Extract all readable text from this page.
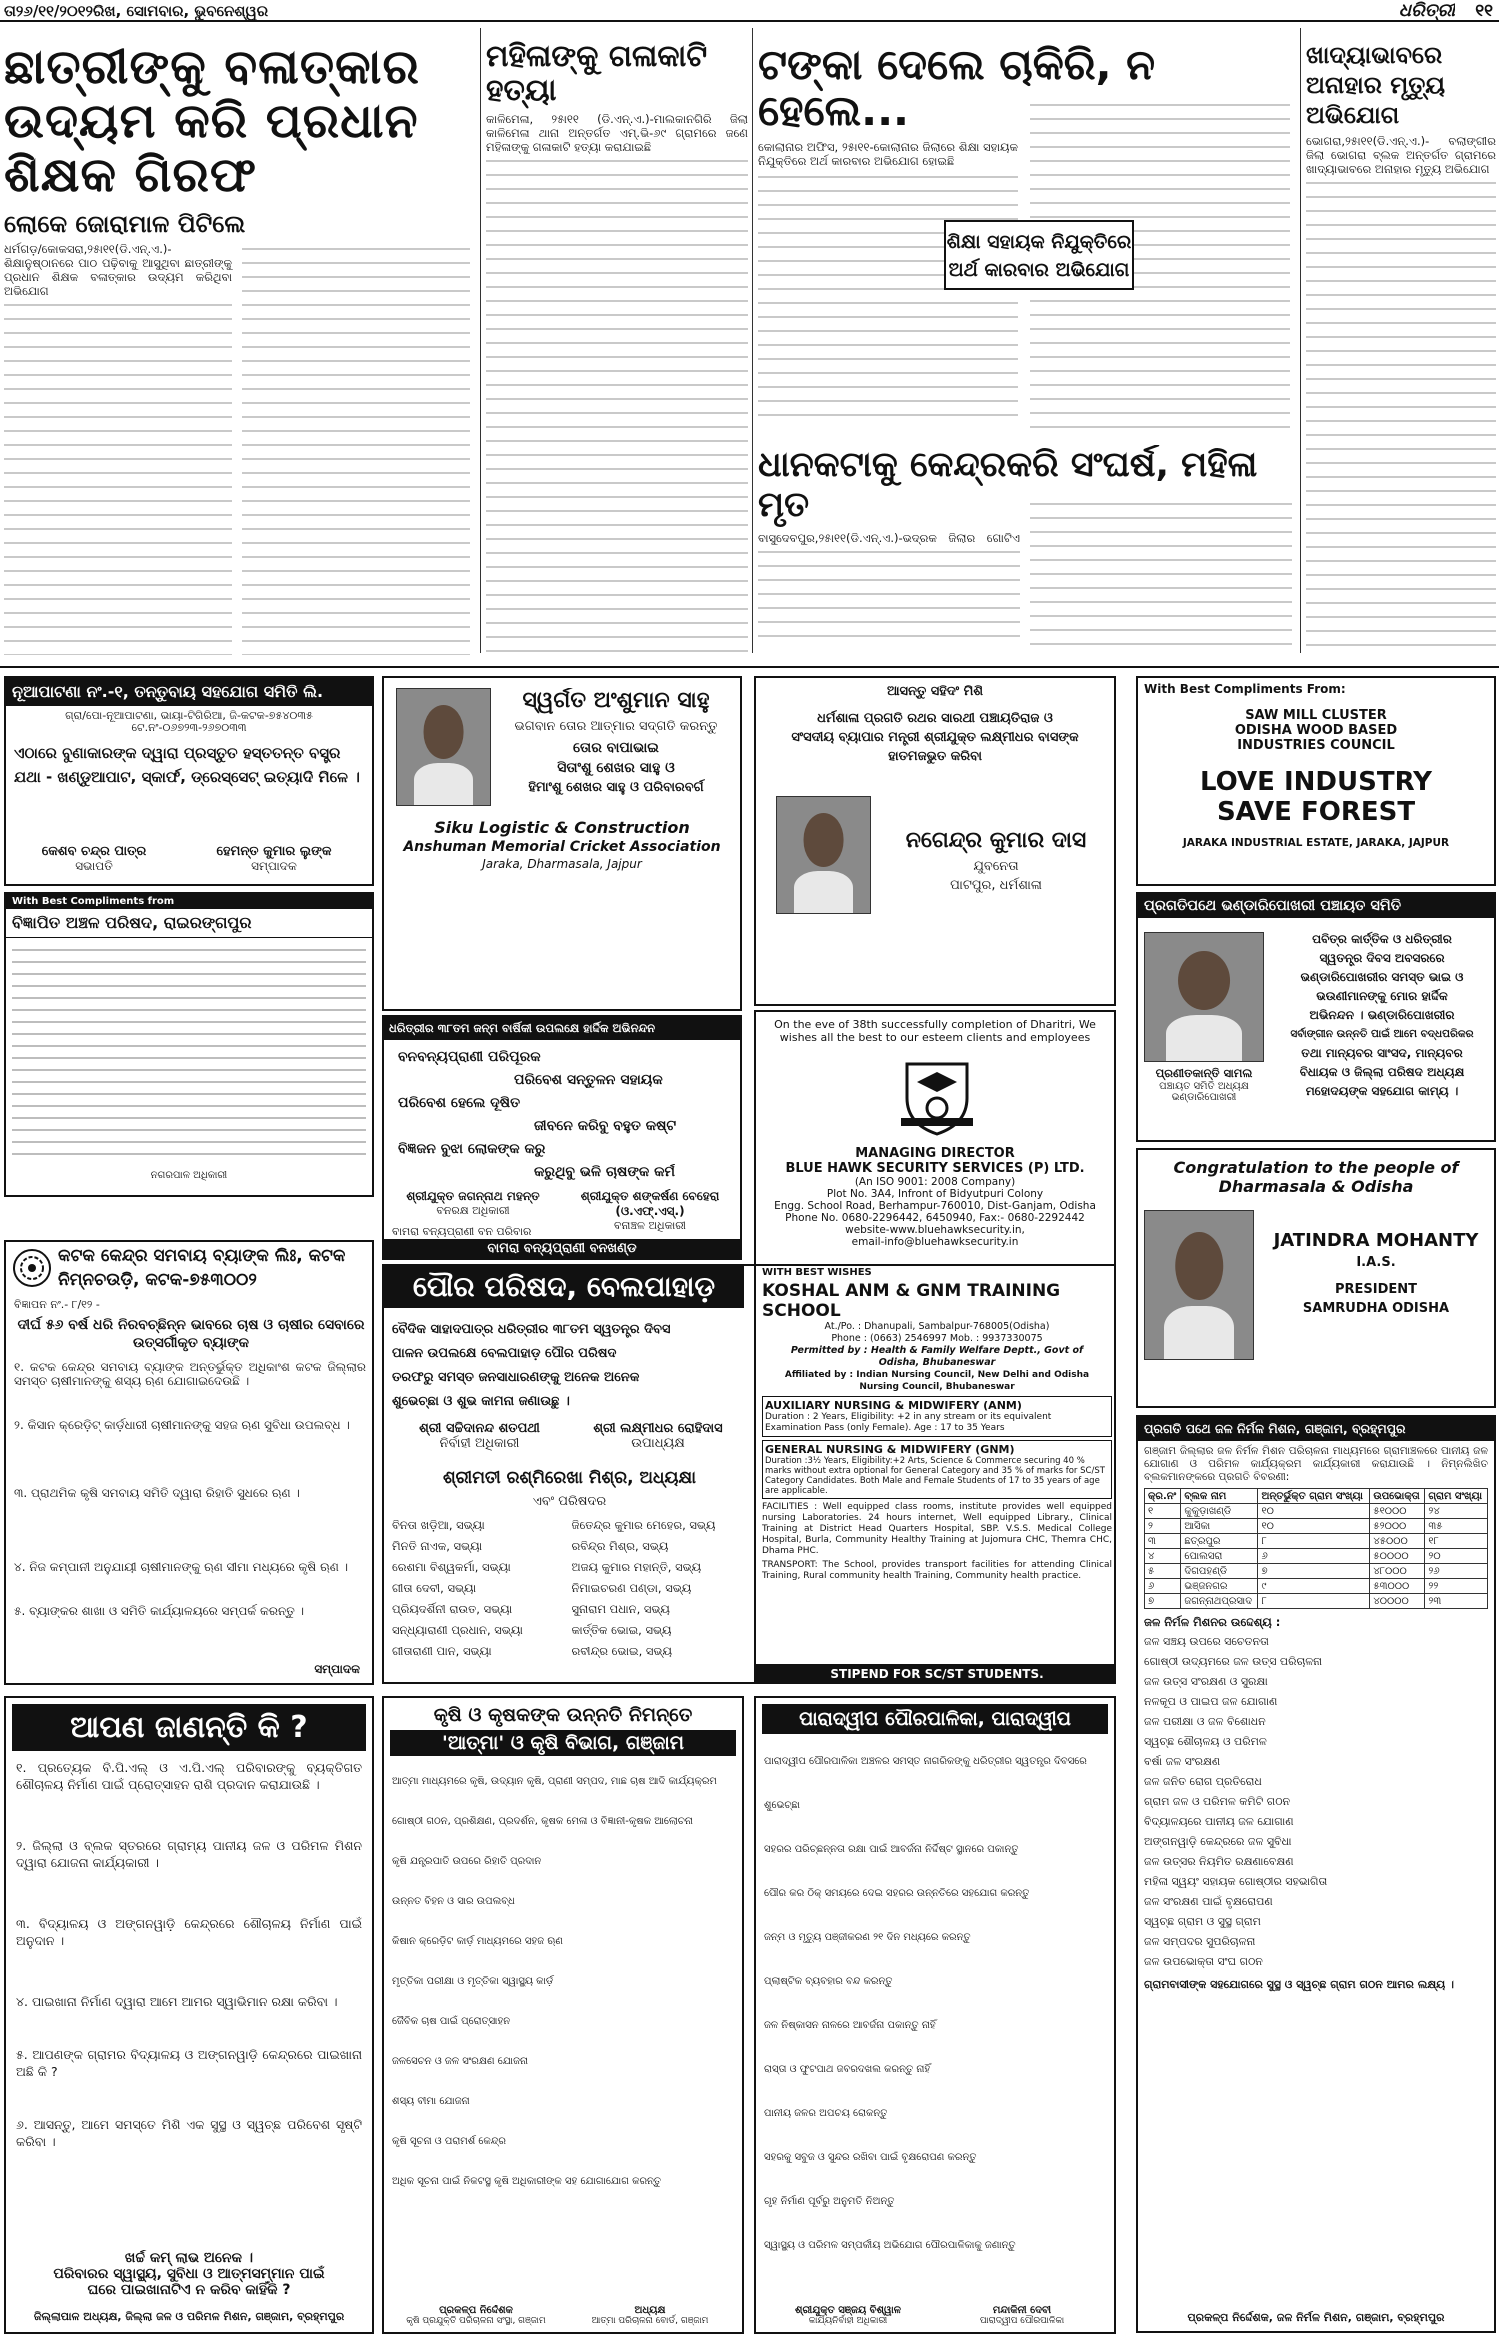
ତା୨୬/୧୧/୨୦୧୨ରିଖ, ସୋମବାର, ଭୁବନେଶ୍ୱର	ଧରିତ୍ରୀ ୧୧
ଛାତ୍ରୀଙ୍କୁ ବଳାତ୍କାର ଉଦ୍ୟମ କରି ପ୍ରଧାନ ଶିକ୍ଷକ ଗିରଫ
ଲୋକେ ଜୋରାମାଳ ପିଟିଲେ
ଧର୍ମଗଡ଼/କୋକସରା,୨୫ା୧୧(ଡି.ଏନ୍.ଏ.)- ଶିକ୍ଷାନୁଷ୍ଠାନରେ ପାଠ ପଢ଼ିବାକୁ ଆସୁଥିବା ଛାତ୍ରୀଙ୍କୁ ପ୍ରଧାନ ଶିକ୍ଷକ ବଳାତ୍କାର ଉଦ୍ୟମ କରିଥିବା ଅଭିଯୋଗ
ମହିଳାଙ୍କୁ ଗଳାକାଟି ହତ୍ୟା
କାଳିମେଳା, ୨୫ା୧୧ (ଡି.ଏନ୍.ଏ.)-ମାଲକାନଗିରି ଜିଲା କାଳିମେଳା ଥାନା ଅନ୍ତର୍ଗତ ଏମ୍.ଭି-୬୯ ଗ୍ରାମରେ ଜଣେ ମହିଳାଙ୍କୁ ଗଳାକାଟି ହତ୍ୟା କରାଯାଇଛି
ଟଙ୍କା ଦେଲେ ଚାକିରି, ନ ହେଲେ...
କୋଲାନାର ଅଫିସ, ୨୫ା୧୧-କୋଲାନାର ଜିଲାରେ ଶିକ୍ଷା ସହାୟକ ନିଯୁକ୍ତିରେ ଅର୍ଥ କାରବାର ଅଭିଯୋଗ ହୋଇଛି
ଶିକ୍ଷା ସହାୟକ ନିଯୁକ୍ତିରେ ଅର୍ଥ କାରବାର ଅଭିଯୋଗ
ଧାନକଟାକୁ କେନ୍ଦ୍ରକରି ସଂଘର୍ଷ, ମହିଳା ମୃତ
ବାସୁଦେବପୁର,୨୫ା୧୧(ଡି.ଏନ୍.ଏ.)-ଭଦ୍ରକ ଜିଲାର ଗୋଟିଏ
ଖାଦ୍ୟାଭାବରେ ଅନାହାର ମୃତ୍ୟୁ ଅଭିଯୋଗ
ଭୋଗରା,୨୫ା୧୧(ଡି.ଏନ୍.ଏ.)- ବଲାଙ୍ଗୀର ଜିଲା ଭୋଗରା ବ୍ଲକ ଅନ୍ତର୍ଗତ ଗ୍ରାମରେ ଖାଦ୍ୟାଭାବରେ ଅନାହାର ମୃତ୍ୟୁ ଅଭିଯୋଗ
ନୂଆପାଟଣା ନଂ.-୧, ତନ୍ତୁବାୟ ସହଯୋଗ ସମିତି ଲି.
ଗ୍ରା/ପୋ-ନୂଆପାଟଣା, ଭାୟା-ଟିଗିରିଆ, ଜି-କଟକ-୭୫୪୦୩୫
ଟେ.ନଂ-୦୬୭୨୩-୨୬୭୦୩୩
ଏଠାରେ ବୁଣାକାରଙ୍କ ଦ୍ୱାରା ପ୍ରସ୍ତୁତ ହସ୍ତତନ୍ତ ବସ୍ତ୍ର
ଯଥା - ଖଣ୍ଡୁଆପାଟ, ସ୍କାର୍ଫ, ଡ୍ରେସ୍‌ସେଟ୍ ଇତ୍ୟାଦି ମିଳେ ।
କେଶବ ଚନ୍ଦ୍ର ପାତ୍ର
ସଭାପତି
ହେମନ୍ତ କୁମାର ଲୁଙ୍କ
ସମ୍ପାଦକ
With Best Compliments from
ବିଜ୍ଞାପିତ ଅଞ୍ଚଳ ପରିଷଦ, ରାଇରଙ୍ଗପୁର
ନଗରପାଳ ଅଧିକାରୀ
ସ୍ୱର୍ଗତ ଅଂଶୁମାନ ସାହୁ
ଭଗବାନ ତୋର ଆତ୍ମାର ସଦ୍‌ଗତି କରନ୍ତୁ
ତୋର ବାପାଭାଇ
ସିତାଂଶୁ ଶେଖର ସାହୁ ଓ
ହିମାଂଶୁ ଶେଖର ସାହୁ ଓ ପରିବାରବର୍ଗ
Siku Logistic & Construction
Anshuman Memorial Cricket Association
Jaraka, Dharmasala, Jajpur
ଧରିତ୍ରୀର ୩୮ତମ ଜନ୍ମ ବାର୍ଷିକୀ ଉପଲକ୍ଷେ ହାର୍ଦ୍ଦିକ ଅଭିନନ୍ଦନ
ବନବନ୍ୟପ୍ରାଣୀ ପରିପୂରକ
ପରିବେଶ ସନ୍ତୁଳନ ସହାୟକ
ପରିବେଶ ହେଲେ ଦୂଷିତ
ଜୀବନେ କରିବୁ ବହୁତ କଷ୍ଟ
ବିଜ୍ଞଜନ ବୁଝା ଲୋକଙ୍କ କରୁ
କରୁଥିବୁ ଭଳି ଚାଷଙ୍କ କର୍ମ
ଶ୍ରୀଯୁକ୍ତ ଜଗନ୍ନାଥ ମହନ୍ତ
ବନରକ୍ଷ ଅଧିକାରୀ
ଶ୍ରୀଯୁକ୍ତ ଶଙ୍କର୍ଷଣ ବେହେରା (ଓ.ଏଫ୍.ଏସ୍.)
ବନାଞ୍ଚଳ ଅଧିକାରୀ
ବାମରା ବନ୍ୟପ୍ରାଣୀ ବନ ପରିବାର
ବାମରା ବନ୍ୟପ୍ରାଣୀ ବନଖଣ୍ଡ
ଆସନ୍ତୁ ସହିଦଂ ମିଶି
ଧର୍ମଶାଳା ପ୍ରଗତି ରଥର ସାରଥୀ ପଞ୍ଚାୟତିରାଜ ଓ
ସଂସଦୀୟ ବ୍ୟାପାର ମନ୍ତ୍ରୀ ଶ୍ରୀଯୁକ୍ତ ଲକ୍ଷ୍ମୀଧର ବାସଙ୍କ
ହାତମଜଭୁତ କରିବା
ନଗେନ୍ଦ୍ର କୁମାର ଦାସ
ଯୁବନେତା
ପାଟପୁର, ଧର୍ମଶାଳା
On the eve of 38th successfully completion of Dharitri, We wishes all the best to our esteem clients and employees
MANAGING DIRECTOR
BLUE HAWK SECURITY SERVICES (P) LTD.
(An ISO 9001: 2008 Company)
Plot No. 3A4, Infront of Bidyutpuri Colony
Engg. School Road, Berhampur-760010, Dist-Ganjam, Odisha
Phone No. 0680-2296442, 6450940, Fax:- 0680-2292442
website-www.bluehawksecurity.in,
email-info@bluehawksecurity.in
With Best Compliments From:
SAW MILL CLUSTER
ODISHA WOOD BASED
INDUSTRIES COUNCIL
LOVE INDUSTRY
SAVE FOREST
JARAKA INDUSTRIAL ESTATE, JARAKA, JAJPUR
ପ୍ରଗତିପଥେ ଭଣ୍ଡାରିପୋଖରୀ ପଞ୍ଚାୟତ ସମିତି
ପବିତ୍ର କାର୍ତ୍ତିକ ଓ ଧରିତ୍ରୀର
ସ୍ୱତନ୍ତ୍ର ଦିବସ ଅବସରରେ
ଭଣ୍ଡାରିପୋଖରୀର ସମସ୍ତ ଭାଇ ଓ
ଭଉଣୀମାନଙ୍କୁ ମୋର ହାର୍ଦ୍ଦିକ
ଅଭିନନ୍ଦନ । ଭଣ୍ଡାରିପୋଖରୀର
ସର୍ବାଙ୍ଗୀନ ଉନ୍ନତି ପାଇଁ ଆମେ ବଦ୍ଧପରିକର
ତଥା ମାନ୍ୟବର ସାଂସଦ, ମାନ୍ୟବର
ବିଧାୟକ ଓ ଜିଲ୍ଲା ପରିଷଦ ଅଧ୍ୟକ୍ଷ
ମହୋଦୟଙ୍କ ସହଯୋଗ କାମ୍ୟ ।
ପ୍ରଣୀତକାନ୍ତି ସାମଲ
ପଞ୍ଚାୟତ ସମିତି ଅଧ୍ୟକ୍ଷ
ଭଣ୍ଡାରିପୋଖରୀ
କଟକ କେନ୍ଦ୍ର ସମବାୟ ବ୍ୟାଙ୍କ ଲିଃ, କଟକ
ନିମ୍ନଚଉଡ଼ି, କଟକ-୭୫୩୦୦୨
ବିଜ୍ଞାପନ ନଂ.- ୮/୧୨ -
ଦୀର୍ଘ ୫୬ ବର୍ଷ ଧରି ନିରବଚ୍ଛିନ୍ନ ଭାବରେ ଚାଷ ଓ ଚାଷୀର ସେବାରେ ଉତ୍ସର୍ଗୀକୃତ ବ୍ୟାଙ୍କ
୧. କଟକ କେନ୍ଦ୍ର ସମବାୟ ବ୍ୟାଙ୍କ ଅନ୍ତର୍ଭୁକ୍ତ ଅଧିକାଂଶ କଟକ ଜିଲ୍ଲାର ସମସ୍ତ ଚାଷୀମାନଙ୍କୁ ଶସ୍ୟ ଋଣ ଯୋଗାଇଦେଉଛି ।
୨. କିସାନ କ୍ରେଡ଼ିଟ୍ କାର୍ଡ଼ଧାରୀ ଚାଷୀମାନଙ୍କୁ ସହଜ ଋଣ ସୁବିଧା ଉପଲବ୍ଧ ।
୩. ପ୍ରାଥମିକ କୃଷି ସମବାୟ ସମିତି ଦ୍ୱାରା ରିହାତି ସୁଧରେ ଋଣ ।
୪. ନିଜ କମ୍ପାନୀ ଅନୁଯାୟୀ ଚାଷୀମାନଙ୍କୁ ଋଣ ସୀମା ମଧ୍ୟରେ କୃଷି ଋଣ ।
୫. ବ୍ୟାଙ୍କର ଶାଖା ଓ ସମିତି କାର୍ଯ୍ୟାଳୟରେ ସମ୍ପର୍କ କରନ୍ତୁ ।
ସମ୍ପାଦକ
ପୌର ପରିଷଦ, ବେଲପାହାଡ଼
ବୈଦିକ ସାହାଦପାତ୍ର ଧରିତ୍ରୀର ୩୮ତମ ସ୍ୱତନ୍ତ୍ର ଦିବସ
ପାଳନ ଉପଲକ୍ଷେ ବେଲପାହାଡ଼ ପୌର ପରିଷଦ
ତରଫରୁ ସମସ୍ତ ଜନସାଧାରଣଙ୍କୁ ଅନେକ ଅନେକ
ଶୁଭେଚ୍ଛା ଓ ଶୁଭ କାମନା ଜଣାଉଛୁ ।
ଶ୍ରୀ ସଚ୍ଚିଦାନନ୍ଦ ଶତପଥୀ
ନିର୍ବାହୀ ଅଧିକାରୀ
ଶ୍ରୀ ଲକ୍ଷ୍ମୀଧର ରୋହିଦାସ
ଉପାଧ୍ୟକ୍ଷ
ଶ୍ରୀମତୀ ରଶ୍ମିରେଖା ମିଶ୍ର, ଅଧ୍ୟକ୍ଷା
ଏବଂ ପରିଷଦର
ବିନତା ଖଡ଼ିଆ, ସଭ୍ୟା	ଜିତେନ୍ଦ୍ର କୁମାର ମେହେର, ସଭ୍ୟ
ମିନତି ନାଏକ, ସଭ୍ୟା	ରବିନ୍ଦ୍ର ମିଶ୍ର, ସଭ୍ୟ
ରେଶମା ବିଶ୍ୱକର୍ମା, ସଭ୍ୟା	ଅଜୟ କୁମାର ମହାନ୍ତି, ସଭ୍ୟ
ଗୀତା ଦେବୀ, ସଭ୍ୟା	ନିମାଇଚରଣ ପଣ୍ଡା, ସଭ୍ୟ
ପ୍ରିୟଦର୍ଶିନୀ ରାଉତ, ସଭ୍ୟା	ସୁନାରାମ ପଧାନ, ସଭ୍ୟ
ସନ୍ଧ୍ୟାରାଣୀ ପ୍ରଧାନ, ସଭ୍ୟା	କାର୍ତ୍ତିକ ଭୋଇ, ସଭ୍ୟ
ଗୀତାରାଣୀ ପାନ, ସଭ୍ୟା	ରବୀନ୍ଦ୍ର ଭୋଇ, ସଭ୍ୟ
WITH BEST WISHES
KOSHAL ANM & GNM TRAINING SCHOOL
At./Po. : Dhanupali, Sambalpur-768005(Odisha)
Phone : (0663) 2546997 Mob. : 9937330075
Permitted by : Health & Family Welfare Deptt., Govt of
Odisha, Bhubaneswar
Affiliated by : Indian Nursing Council, New Delhi and Odisha
Nursing Council, Bhubaneswar
AUXILIARY NURSING & MIDWIFERY (ANM)
Duration : 2 Years, Eligibility: +2 in any stream or its equivalent Examination Pass (only Female). Age : 17 to 35 Years
GENERAL NURSING & MIDWIFERY (GNM)
Duration :3½ Years, Eligibility:+2 Arts, Science & Commerce securing 40 % marks without extra optional for General Category and 35 % of marks for SC/ST Category Candidates. Both Male and Female Students of 17 to 35 years of age are applicable.
FACILITIES : Well equipped class rooms, institute provides well equipped nursing Laboratories. 24 hours internet, Well equipped Library., Clinical Training at District Head Quarters Hospital, SBP. V.S.S. Medical College Hospital, Burla, Community Healthy Training at Jujomura CHC, Themra CHC, Dhama PHC.
TRANSPORT: The School, provides transport facilities for attending Clinical Training, Rural community health Training, Community health practice.
STIPEND FOR SC/ST STUDENTS.
Congratulation to the people of
Dharmasala & Odisha
JATINDRA MOHANTY
I.A.S.
PRESIDENT
SAMRUDHA ODISHA
ପ୍ରଗତି ପଥେ ଜଳ ନିର୍ମଳ ମିଶନ, ଗଞ୍ଜାମ, ବ୍ରହ୍ମପୁର
ଗଞ୍ଜାମ ଜିଲ୍ଲାର ଜଳ ନିର୍ମଳ ମିଶନ ପରିଚାଳନା ମାଧ୍ୟମରେ ଗ୍ରାମାଞ୍ଚଳରେ ପାନୀୟ ଜଳ ଯୋଗାଣ ଓ ପରିମଳ କାର୍ଯ୍ୟକ୍ରମ କାର୍ଯ୍ୟକାରୀ କରାଯାଉଛି । ନିମ୍ନଲିଖିତ ବ୍ଲକମାନଙ୍କରେ ପ୍ରଗତି ବିବରଣୀ:
କ୍ର.ନଂ	ବ୍ଲକ ନାମ	ଅନ୍ତର୍ଭୁକ୍ତ ଗ୍ରାମ ସଂଖ୍ୟା	ଉପଭୋକ୍ତା	ଗ୍ରାମ ସଂଖ୍ୟା
୧	କୁକୁଡ଼ାଖଣ୍ଡି	୧୦	୫୧୦୦୦	୨୪
୨	ଆସିକା	୧୦	୫୨୦୦୦	୩୫
୩	ଛତ୍ରପୁର	୮	୪୫୦୦୦	୧୮
୪	ପୋଲସରା	୬	୫୦୦୦୦	୨୦
୫	ଦିଗପହଣ୍ଡି	୭	୪୮୦୦୦	୨୬
୬	ଭଞ୍ଜନଗର	୯	୫୩୦୦୦	୨୨
୭	ଜଗନ୍ନାଥପ୍ରସାଦ	୮	୪୦୦୦୦	୨୩
ଜଳ ନିର୍ମଳ ମିଶନର ଉଦ୍ଦେଶ୍ୟ :
ଜଳ ସଞ୍ଚୟ ଉପରେ ସଚେତନତା
ଗୋଷ୍ଠୀ ଉଦ୍ୟମରେ ଜଳ ଉତ୍ସ ପରିଚାଳନା
ଜଳ ଉତ୍ସ ସଂରକ୍ଷଣ ଓ ସୁରକ୍ଷା
ନଳକୂପ ଓ ପାଇପ ଜଳ ଯୋଗାଣ
ଜଳ ପରୀକ୍ଷା ଓ ଜଳ ବିଶୋଧନ
ସ୍ୱଚ୍ଛ ଶୌଚାଳୟ ଓ ପରିମଳ
ବର୍ଷା ଜଳ ସଂରକ୍ଷଣ
ଜଳ ଜନିତ ରୋଗ ପ୍ରତିରୋଧ
ଗ୍ରାମ ଜଳ ଓ ପରିମଳ କମିଟି ଗଠନ
ବିଦ୍ୟାଳୟରେ ପାନୀୟ ଜଳ ଯୋଗାଣ
ଅଙ୍ଗନୱାଡ଼ି କେନ୍ଦ୍ରରେ ଜଳ ସୁବିଧା
ଜଳ ଉତ୍ସର ନିୟମିତ ରକ୍ଷଣାବେକ୍ଷଣ
ମହିଳା ସ୍ୱୟଂ ସହାୟକ ଗୋଷ୍ଠୀର ସହଭାଗିତା
ଜଳ ସଂରକ୍ଷଣ ପାଇଁ ବୃକ୍ଷରୋପଣ
ସ୍ୱଚ୍ଛ ଗ୍ରାମ ଓ ସୁସ୍ଥ ଗ୍ରାମ
ଜଳ ସମ୍ପଦର ସୁପରିଚାଳନା
ଜଳ ଉପଭୋକ୍ତା ସଂଘ ଗଠନ
ଗ୍ରାମବାସୀଙ୍କ ସହଯୋଗରେ ସୁସ୍ଥ ଓ ସ୍ୱଚ୍ଛ ଗ୍ରାମ ଗଠନ ଆମର ଲକ୍ଷ୍ୟ ।
ପ୍ରକଳ୍ପ ନିର୍ଦ୍ଦେଶକ, ଜଳ ନିର୍ମଳ ମିଶନ, ଗଞ୍ଜାମ, ବ୍ରହ୍ମପୁର
ଆପଣ ଜାଣନ୍ତି କି ?
୧. ପ୍ରତ୍ୟେକ ବି.ପି.ଏଲ୍ ଓ ଏ.ପି.ଏଲ୍ ପରିବାରଙ୍କୁ ବ୍ୟକ୍ତିଗତ ଶୌଚାଳୟ ନିର୍ମାଣ ପାଇଁ ପ୍ରୋତ୍ସାହନ ରାଶି ପ୍ରଦାନ କରାଯାଉଛି ।
୨. ଜିଲ୍ଲା ଓ ବ୍ଲକ ସ୍ତରରେ ଗ୍ରାମ୍ୟ ପାନୀୟ ଜଳ ଓ ପରିମଳ ମିଶନ ଦ୍ୱାରା ଯୋଜନା କାର୍ଯ୍ୟକାରୀ ।
୩. ବିଦ୍ୟାଳୟ ଓ ଅଙ୍ଗନୱାଡ଼ି କେନ୍ଦ୍ରରେ ଶୌଚାଳୟ ନିର୍ମାଣ ପାଇଁ ଅନୁଦାନ ।
୪. ପାଇଖାନା ନିର୍ମାଣ ଦ୍ୱାରା ଆମେ ଆମର ସ୍ୱାଭିମାନ ରକ୍ଷା କରିବା ।
୫. ଆପଣଙ୍କ ଗ୍ରାମର ବିଦ୍ୟାଳୟ ଓ ଅଙ୍ଗନୱାଡ଼ି କେନ୍ଦ୍ରରେ ପାଇଖାନା ଅଛି କି ?
୬. ଆସନ୍ତୁ, ଆମେ ସମସ୍ତେ ମିଶି ଏକ ସୁସ୍ଥ ଓ ସ୍ୱଚ୍ଛ ପରିବେଶ ସୃଷ୍ଟି କରିବା ।
ଖର୍ଚ୍ଚ କମ୍ ଲାଭ ଅନେକ ।
ପରିବାରର ସ୍ୱାସ୍ଥ୍ୟ, ସୁବିଧା ଓ ଆତ୍ମସମ୍ମାନ ପାଇଁ
ଘରେ ପାଇଖାନାଟିଏ ନ କରିବ କାହିଁକି ?
ଜିଲ୍ଲାପାଳ ଅଧ୍ୟକ୍ଷ, ଜିଲ୍ଲା ଜଳ ଓ ପରିମଳ ମିଶନ, ଗଞ୍ଜାମ, ବ୍ରହ୍ମପୁର
କୃଷି ଓ କୃଷକଙ୍କ ଉନ୍ନତି ନିମନ୍ତେ
'ଆତ୍ମା' ଓ କୃଷି ବିଭାଗ, ଗଞ୍ଜାମ
ଆତ୍ମା ମାଧ୍ୟମରେ କୃଷି, ଉଦ୍ୟାନ କୃଷି, ପ୍ରାଣୀ ସମ୍ପଦ, ମାଛ ଚାଷ ଆଦି କାର୍ଯ୍ୟକ୍ରମ
ଗୋଷ୍ଠୀ ଗଠନ, ପ୍ରଶିକ୍ଷଣ, ପ୍ରଦର୍ଶନ, କୃଷକ ମେଳା ଓ ବିଜ୍ଞାନୀ-କୃଷକ ଆଲୋଚନା
କୃଷି ଯନ୍ତ୍ରପାତି ଉପରେ ରିହାତି ପ୍ରଦାନ
ଉନ୍ନତ ବିହନ ଓ ସାର ଉପଲବ୍ଧ
କିଷାନ କ୍ରେଡ଼ିଟ କାର୍ଡ଼ ମାଧ୍ୟମରେ ସହଜ ଋଣ
ମୃତ୍ତିକା ପରୀକ୍ଷା ଓ ମୃତ୍ତିକା ସ୍ୱାସ୍ଥ୍ୟ କାର୍ଡ଼
ଜୈବିକ ଚାଷ ପାଇଁ ପ୍ରୋତ୍ସାହନ
ଜଳସେଚନ ଓ ଜଳ ସଂରକ୍ଷଣ ଯୋଜନା
ଶସ୍ୟ ବୀମା ଯୋଜନା
କୃଷି ସୂଚନା ଓ ପରାମର୍ଶ କେନ୍ଦ୍ର
ଅଧିକ ସୂଚନା ପାଇଁ ନିକଟସ୍ଥ କୃଷି ଅଧିକାରୀଙ୍କ ସହ ଯୋଗାଯୋଗ କରନ୍ତୁ
ପ୍ରକଳ୍ପ ନିର୍ଦ୍ଦେଶକ
କୃଷି ପ୍ରଯୁକ୍ତି ପରିଚାଳନା ସଂସ୍ଥା, ଗଞ୍ଜାମ
ଅଧ୍ୟକ୍ଷ
ଆତ୍ମା ପରିଚାଳନା ବୋର୍ଡ, ଗଞ୍ଜାମ
ପାରାଦ୍ୱୀପ ପୌରପାଳିକା, ପାରାଦ୍ୱୀପ
ପାରାଦ୍ୱୀପ ପୌରପାଳିକା ଅଞ୍ଚଳର ସମସ୍ତ ନାଗରିକଙ୍କୁ ଧରିତ୍ରୀର ସ୍ୱତନ୍ତ୍ର ଦିବସରେ ଶୁଭେଚ୍ଛା
ସହରର ପରିଚ୍ଛନ୍ନତା ରକ୍ଷା ପାଇଁ ଆବର୍ଜନା ନିର୍ଦ୍ଦିଷ୍ଟ ସ୍ଥାନରେ ପକାନ୍ତୁ
ପୌର କର ଠିକ୍ ସମୟରେ ଦେଇ ସହରର ଉନ୍ନତିରେ ସହଯୋଗ କରନ୍ତୁ
ଜନ୍ମ ଓ ମୃତ୍ୟୁ ପଞ୍ଜୀକରଣ ୨୧ ଦିନ ମଧ୍ୟରେ କରନ୍ତୁ
ପ୍ଲାଷ୍ଟିକ ବ୍ୟବହାର ବନ୍ଦ କରନ୍ତୁ
ଜଳ ନିଷ୍କାସନ ନାଳରେ ଆବର୍ଜନା ପକାନ୍ତୁ ନାହିଁ
ରାସ୍ତା ଓ ଫୁଟପାଥ ଜବରଦଖଲ କରନ୍ତୁ ନାହିଁ
ପାନୀୟ ଜଳର ଅପଚୟ ରୋକନ୍ତୁ
ସହରକୁ ସବୁଜ ଓ ସୁନ୍ଦର ରଖିବା ପାଇଁ ବୃକ୍ଷରୋପଣ କରନ୍ତୁ
ଗୃହ ନିର୍ମାଣ ପୂର୍ବରୁ ଅନୁମତି ନିଅନ୍ତୁ
ସ୍ୱାସ୍ଥ୍ୟ ଓ ପରିମଳ ସମ୍ପର୍କୀୟ ଅଭିଯୋଗ ପୌରପାଳିକାକୁ ଜଣାନ୍ତୁ
ଶ୍ରୀଯୁକ୍ତ ସଞ୍ଜୟ ବିଶ୍ୱାଳ
କାର୍ଯ୍ୟନିର୍ବାହୀ ଅଧିକାରୀ
ମନ୍ଦାକିନୀ ଦେବୀ
ପାରାଦ୍ୱୀପ ପୌରପାଳିକା
